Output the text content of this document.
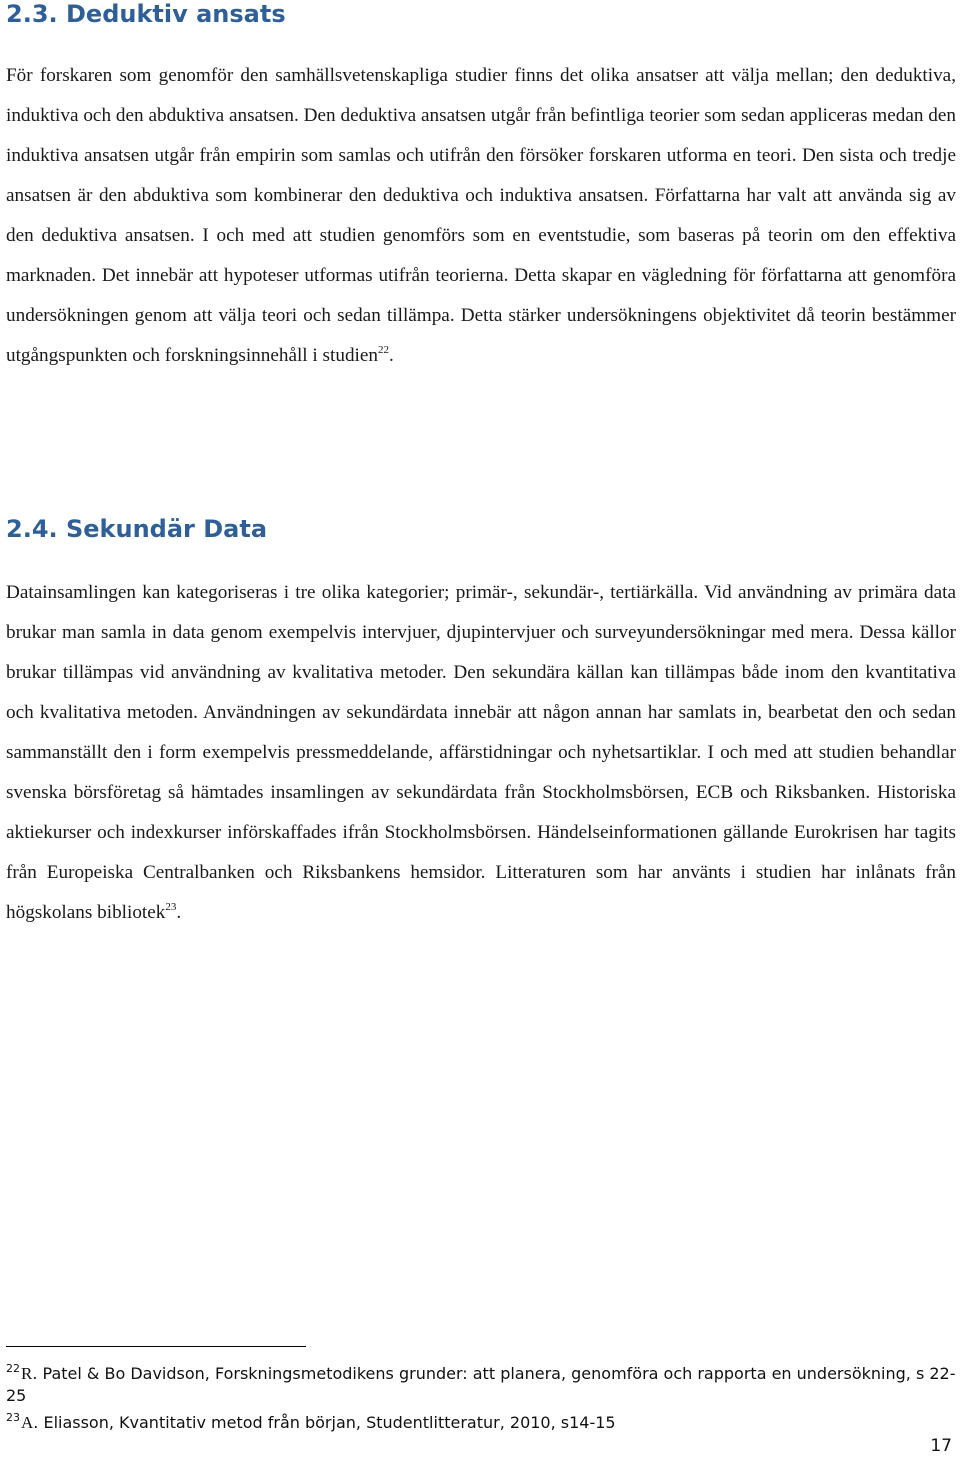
2.3. Deduktiv ansats

För forskaren som genomför den samhällsvetenskapliga studier finns det olika ansatser att välja mellan; den deduktiva, induktiva och den abduktiva ansatsen. Den deduktiva ansatsen utgår från befintliga teorier som sedan appliceras medan den induktiva ansatsen utgår från empirin som samlas och utifrån den försöker forskaren utforma en teori. Den sista och tredje ansatsen är den abduktiva som kombinerar den deduktiva och induktiva ansatsen. Författarna har valt att använda sig av den deduktiva ansatsen. I och med att studien genomförs som en eventstudie, som baseras på teorin om den effektiva marknaden. Det innebär att hypoteser utformas utifrån teorierna. Detta skapar en vägledning för författarna att genomföra undersökningen genom att välja teori och sedan tillämpa. Detta stärker undersökningens objektivitet då teorin bestämmer utgångspunkten och forskningsinnehåll i studien$^{22}$.

2.4. Sekundär Data

Datainsamlingen kan kategoriseras i tre olika kategorier; primär-, sekundär-, tertiärkälla. Vid användning av primära data brukar man samla in data genom exempelvis intervjuer, djupintervjuer och surveyundersökningar med mera. Dessa källor brukar tillämpas vid användning av kvalitativa metoder. Den sekundära källan kan tillämpas både inom den kvantitativa och kvalitativa metoden. Användningen av sekundärdata innebär att någon annan har samlats in, bearbetat den och sedan sammanställt den i form exempelvis pressmeddelande, affärstidningar och nyhetsartiklar. I och med att studien behandlar svenska börsföretag så hämtades insamlingen av sekundärdata från Stockholmsbörsen, ECB och Riksbanken. Historiska aktiekurser och indexkurser införskaffades ifrån Stockholmsbörsen. Händelseinformationen gällande Eurokrisen har tagits från Europeiska Centralbanken och Riksbankens hemsidor. Litteraturen som har använts i studien har inlånats från högskolans bibliotek$^{23}$.

$^{22}$R. Patel & Bo Davidson, Forskningsmetodikens grunder: att planera, genomföra och rapporta en undersökning, s 22- 25

$^{23}$A. Eliasson, Kvantitativ metod från början, Studentlitteratur, 2010, s14-15

17
